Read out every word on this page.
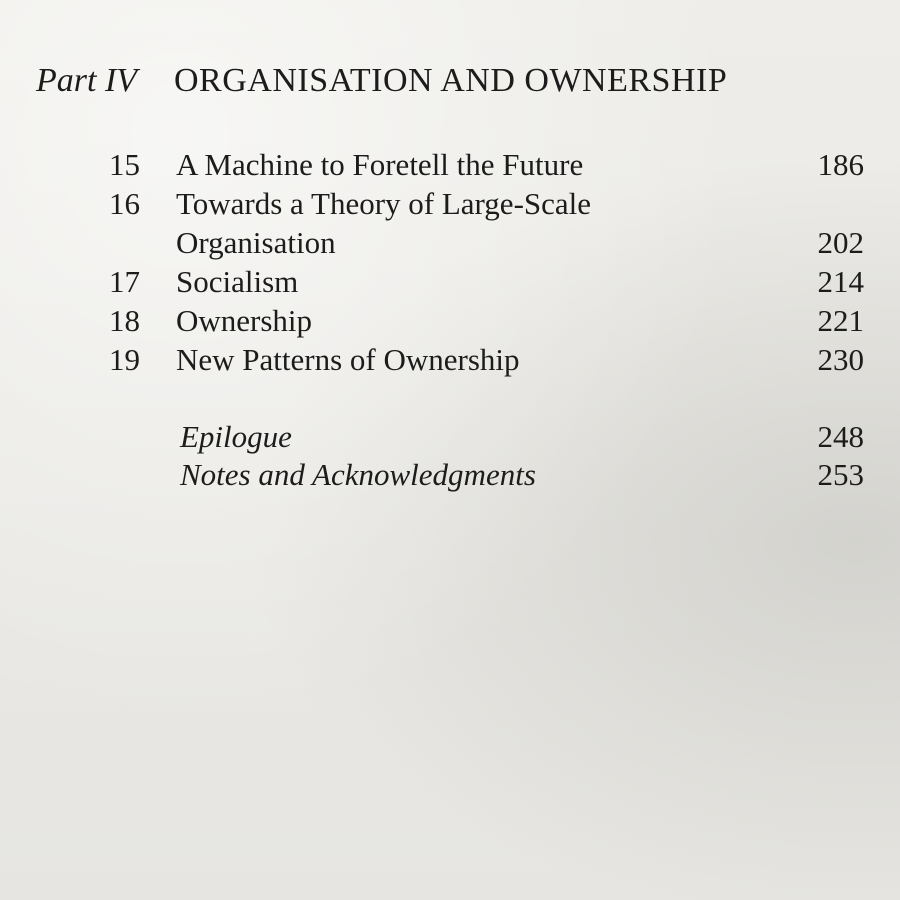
Part IV ORGANISATION AND OWNERSHIP
15 A Machine to Foretell the Future	186
16 Towards a Theory of Large-Scale
Organisation	202
17 Socialism	214
18 Ownership	221
19 New Patterns of Ownership	230
Epilogue	248
Notes and Acknowledgments	253
